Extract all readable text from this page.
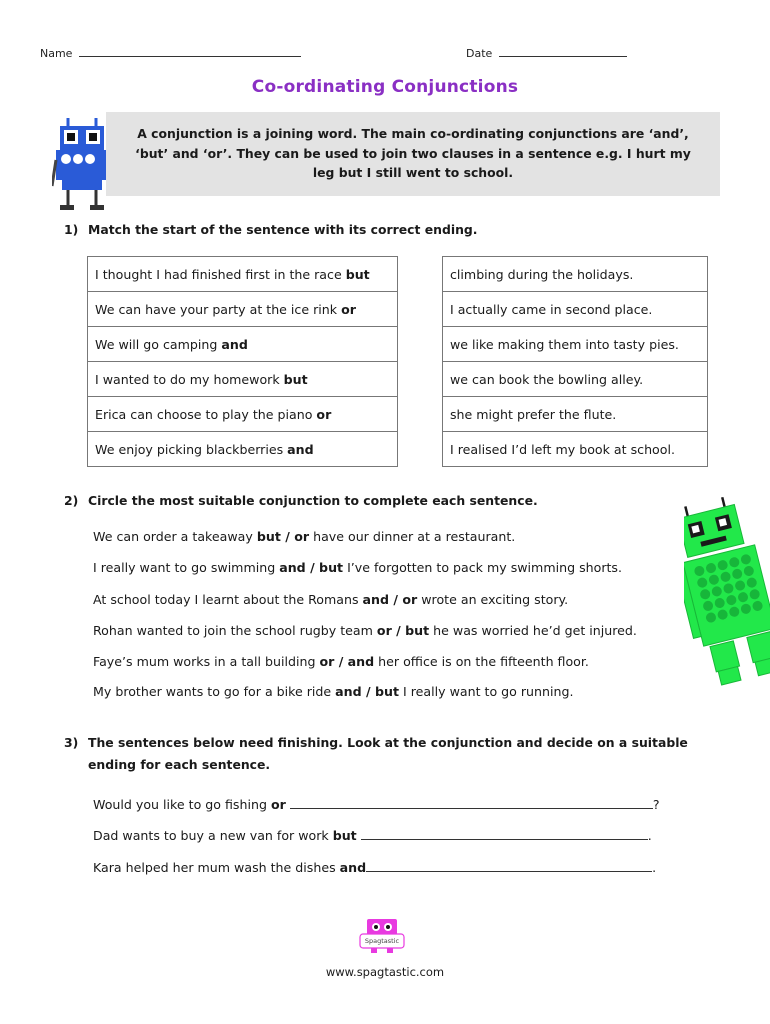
Name	Date
Co-ordinating Conjunctions
A conjunction is a joining word. The main co-ordinating conjunctions are ‘and’,
‘but’ and ‘or’. They can be used to join two clauses in a sentence e.g. I hurt my
leg but I still went to school.
1) Match the start of the sentence with its correct ending.
I thought I had finished first in the race but
We can have your party at the ice rink or
We will go camping and
I wanted to do my homework but
Erica can choose to play the piano or
We enjoy picking blackberries and
climbing during the holidays.
I actually came in second place.
we like making them into tasty pies.
we can book the bowling alley.
she might prefer the flute.
I realised I’d left my book at school.
2) Circle the most suitable conjunction to complete each sentence.
We can order a takeaway but / or have our dinner at a restaurant.
I really want to go swimming and / but I’ve forgotten to pack my swimming shorts.
At school today I learnt about the Romans and / or wrote an exciting story.
Rohan wanted to join the school rugby team or / but he was worried he’d get injured.
Faye’s mum works in a tall building or / and her office is on the fifteenth floor.
My brother wants to go for a bike ride and / but I really want to go running.
3) The sentences below need finishing. Look at the conjunction and decide on a suitable
ending for each sentence.
Would you like to go fishing or	?
Dad wants to buy a new van for work but	.
Kara helped her mum wash the dishes and	.
Spagtastic
www.spagtastic.com
